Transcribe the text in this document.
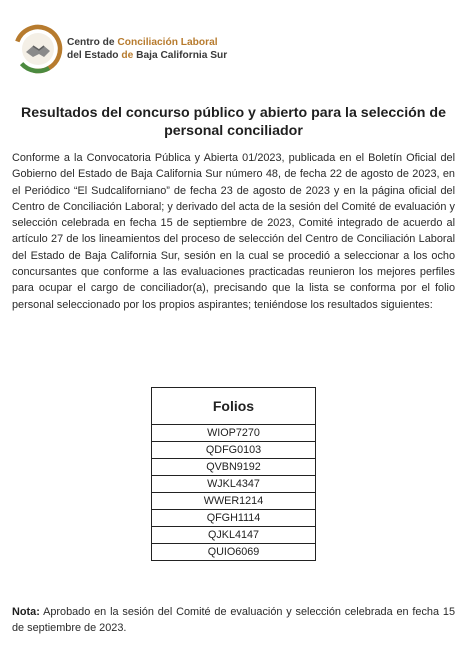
Centro de Conciliación Laboral
del Estado de Baja California Sur
Resultados del concurso público y abierto para la selección de personal conciliador
Conforme a la Convocatoria Pública y Abierta 01/2023, publicada en el Boletín Oficial del Gobierno del Estado de Baja California Sur número 48, de fecha 22 de agosto de 2023, en el Periódico “El Sudcaliforniano” de fecha 23 de agosto de 2023 y en la página oficial del Centro de Conciliación Laboral; y derivado del acta de la sesión del Comité de evaluación y selección celebrada en fecha 15 de septiembre de 2023, Comité integrado de acuerdo al artículo 27 de los lineamientos del proceso de selección del Centro de Conciliación Laboral del Estado de Baja California Sur, sesión en la cual se procedió a seleccionar a los ocho concursantes que conforme a las evaluaciones practicadas reunieron los mejores perfiles para ocupar el cargo de conciliador(a), precisando que la lista se conforma por el folio personal seleccionado por los propios aspirantes; teniéndose los resultados siguientes:
Folios
WIOP7270
QDFG0103
QVBN9192
WJKL4347
WWER1214
QFGH1114
QJKL4147
QUIO6069
Nota: Aprobado en la sesión del Comité de evaluación y selección celebrada en fecha 15 de septiembre de 2023.
